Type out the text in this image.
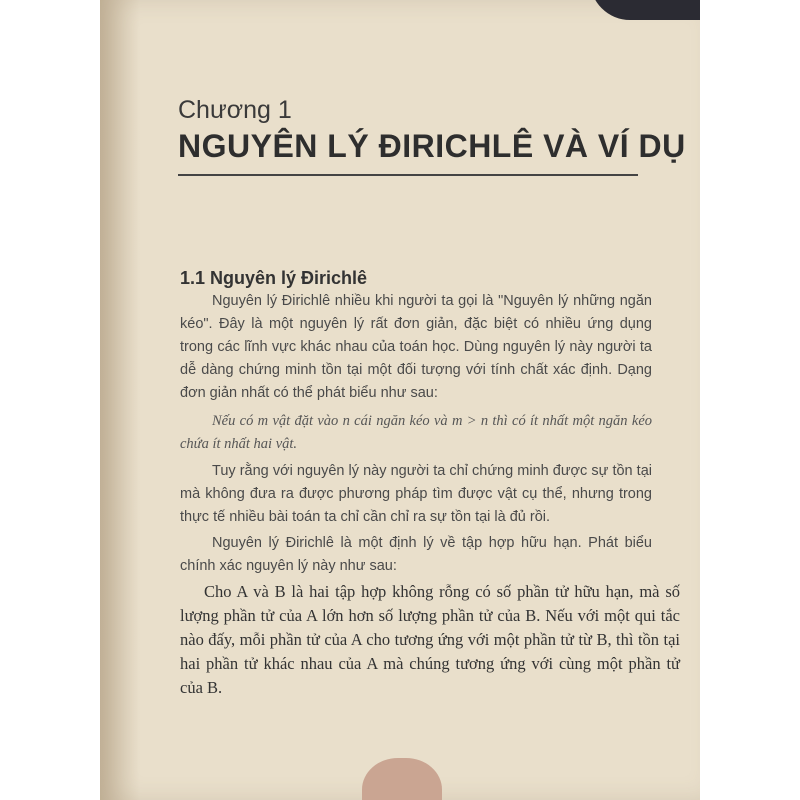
Chương 1
NGUYÊN LÝ ĐIRICHLÊ VÀ VÍ DỤ
1.1 Nguyên lý Đirichlê
Nguyên lý Đirichlê nhiều khi người ta gọi là "Nguyên lý những ngăn kéo". Đây là một nguyên lý rất đơn giản, đặc biệt có nhiều ứng dụng trong các lĩnh vực khác nhau của toán học. Dùng nguyên lý này người ta dễ dàng chứng minh tồn tại một đối tượng với tính chất xác định. Dạng đơn giản nhất có thể phát biểu như sau:
Nếu có m vật đặt vào n cái ngăn kéo và m > n thì có ít nhất một ngăn kéo chứa ít nhất hai vật.
Tuy rằng với nguyên lý này người ta chỉ chứng minh được sự tồn tại mà không đưa ra được phương pháp tìm được vật cụ thể, nhưng trong thực tế nhiều bài toán ta chỉ cần chỉ ra sự tồn tại là đủ rồi.
Nguyên lý Đirichlê là một định lý về tập hợp hữu hạn. Phát biểu chính xác nguyên lý này như sau:
Cho A và B là hai tập hợp không rỗng có số phần tử hữu hạn, mà số lượng phần tử của A lớn hơn số lượng phần tử của B. Nếu với một qui tắc nào đấy, mỗi phần tử của A cho tương ứng với một phần tử từ B, thì tồn tại hai phần tử khác nhau của A mà chúng tương ứng với cùng một phần tử của B.
